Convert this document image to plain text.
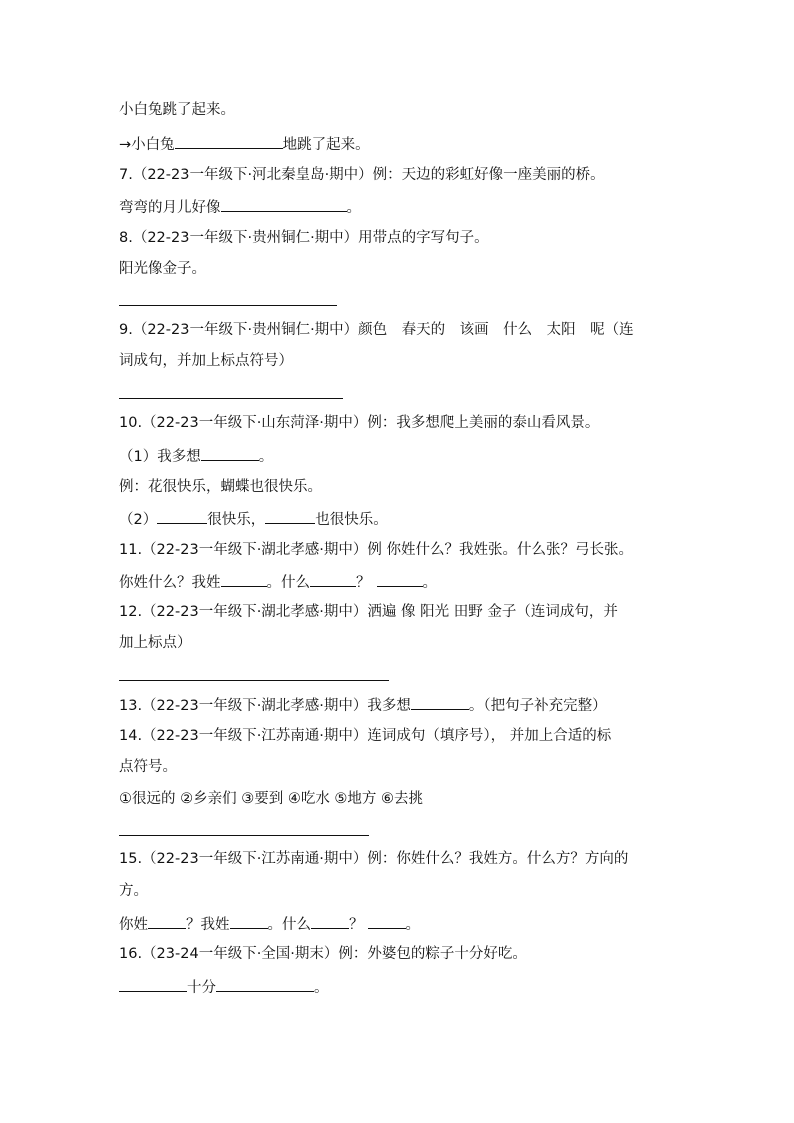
小白兔跳了起来。
→小白兔	地跳了起来。
7.（22-23一年级下·河北秦皇岛·期中）例：天边的彩虹好像一座美丽的桥。
弯弯的月儿好像	。
8.（22-23一年级下·贵州铜仁·期中）用带点的字写句子。
阳光像金子。
9.（22-23一年级下·贵州铜仁·期中）颜色　春天的　该画　什么　太阳　呢（连
词成句，并加上标点符号）
10.（22-23一年级下·山东菏泽·期中）例：我多想爬上美丽的泰山看风景。
（1）我多想	。
例：花很快乐，蝴蝶也很快乐。
（2）	很快乐，	也很快乐。
11.（22-23一年级下·湖北孝感·期中）例 你姓什么？我姓张。什么张？弓长张。
你姓什么？我姓	。什么	？	。
12.（22-23一年级下·湖北孝感·期中）洒遍 像 阳光 田野 金子（连词成句，并
加上标点）
13.（22-23一年级下·湖北孝感·期中）我多想	。（把句子补充完整）
14.（22-23一年级下·江苏南通·期中）连词成句（填序号）， 并加上合适的标
点符号。
①很远的 ②乡亲们 ③要到 ④吃水 ⑤地方 ⑥去挑
15.（22-23一年级下·江苏南通·期中）例：你姓什么？我姓方。什么方？方向的
方。
你姓	？我姓	。什么	？	。
16.（23-24一年级下·全国·期末）例：外婆包的粽子十分好吃。
十分	。
